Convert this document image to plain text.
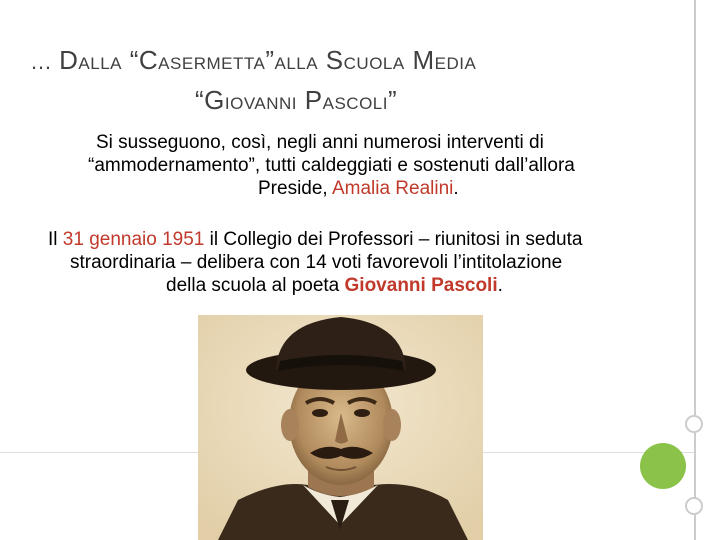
… DALLA “CASERMETTA”ALLA SCUOLA MEDIA
“GIOVANNI PASCOLI”

Si susseguono, così, negli anni numerosi interventi di
“ammodernamento”, tutti caldeggiati e sostenuti dall’allora
Preside, Amalia Realini.

Il 31 gennaio 1951 il Collegio dei Professori – riunitosi in seduta
straordinaria – delibera con 14 voti favorevoli l’intitolazione
della scuola al poeta Giovanni Pascoli.
